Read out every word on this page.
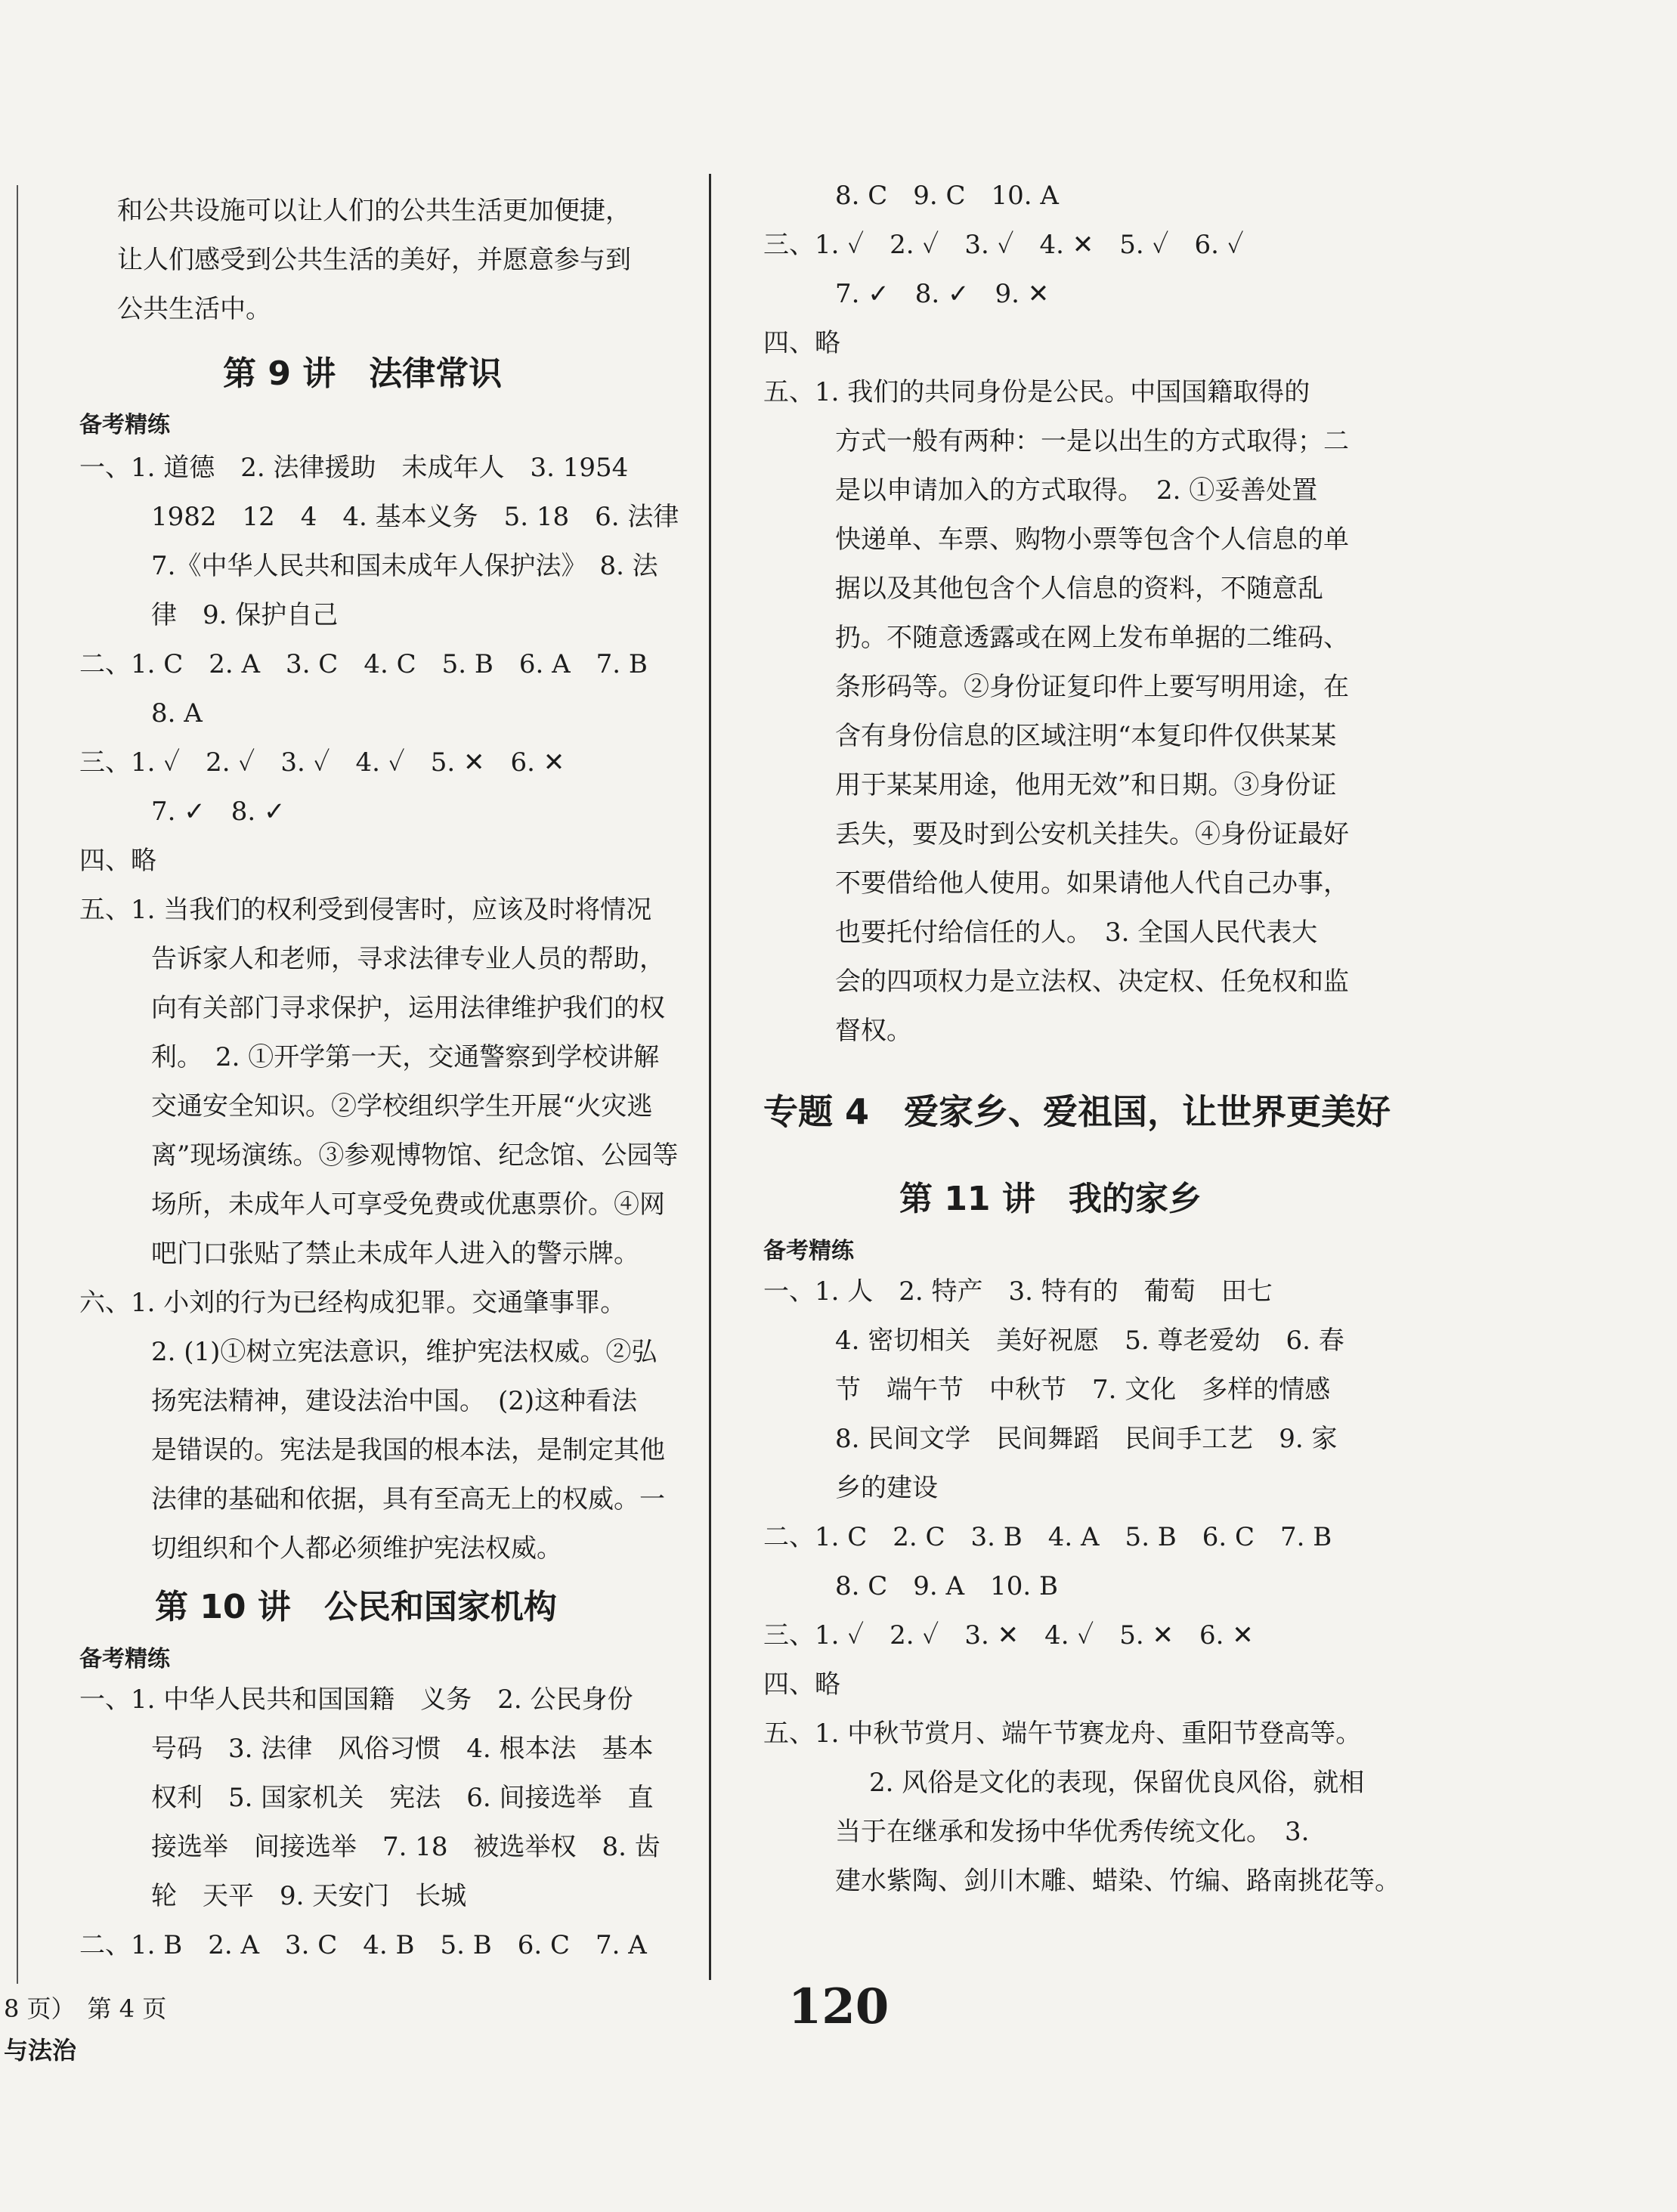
和公共设施可以让人们的公共生活更加便捷，
让人们感受到公共生活的美好，并愿意参与到
公共生活中。
第 9 讲　法律常识
备考精练
一、1. 道德　2. 法律援助　未成年人　3. 1954
1982　12　4　4. 基本义务　5. 18　6. 法律
7.《中华人民共和国未成年人保护法》　8. 法
律　9. 保护自己
二、1. C　2. A　3. C　4. C　5. B　6. A　7. B
8. A
三、1. ✓　2. ✓　3. ✓　4. ✓　5. ✕　6. ✕
7. ✓　8. ✓
四、略
五、1. 当我们的权利受到侵害时，应该及时将情况
告诉家人和老师，寻求法律专业人员的帮助，
向有关部门寻求保护，运用法律维护我们的权
利。　2. ①开学第一天，交通警察到学校讲解
交通安全知识。②学校组织学生开展“火灾逃
离”现场演练。③参观博物馆、纪念馆、公园等
场所，未成年人可享受免费或优惠票价。④网
吧门口张贴了禁止未成年人进入的警示牌。
六、1. 小刘的行为已经构成犯罪。交通肇事罪。
2. (1)①树立宪法意识，维护宪法权威。②弘
扬宪法精神，建设法治中国。　(2)这种看法
是错误的。宪法是我国的根本法，是制定其他
法律的基础和依据，具有至高无上的权威。一
切组织和个人都必须维护宪法权威。
第 10 讲　公民和国家机构
备考精练
一、1. 中华人民共和国国籍　义务　2. 公民身份
号码　3. 法律　风俗习惯　4. 根本法　基本
权利　5. 国家机关　宪法　6. 间接选举　直
接选举　间接选举　7. 18　被选举权　8. 齿
轮　天平　9. 天安门　长城
二、1. B　2. A　3. C　4. B　5. B　6. C　7. A
8. C　9. C　10. A
三、1. ✓　2. ✓　3. ✓　4. ✕　5. ✓　6. ✓
7. ✓　8. ✓　9. ✕
四、略
五、1. 我们的共同身份是公民。中国国籍取得的
方式一般有两种：一是以出生的方式取得；二
是以申请加入的方式取得。　2. ①妥善处置
快递单、车票、购物小票等包含个人信息的单
据以及其他包含个人信息的资料，不随意乱
扔。不随意透露或在网上发布单据的二维码、
条形码等。②身份证复印件上要写明用途，在
含有身份信息的区域注明“本复印件仅供某某
用于某某用途，他用无效”和日期。③身份证
丢失，要及时到公安机关挂失。④身份证最好
不要借给他人使用。如果请他人代自己办事，
也要托付给信任的人。　3. 全国人民代表大
会的四项权力是立法权、决定权、任免权和监
督权。
专题 4　爱家乡、爱祖国，让世界更美好
第 11 讲　我的家乡
备考精练
一、1. 人　2. 特产　3. 特有的　葡萄　田七
4. 密切相关　美好祝愿　5. 尊老爱幼　6. 春
节　端午节　中秋节　7. 文化　多样的情感
8. 民间文学　民间舞蹈　民间手工艺　9. 家
乡的建设
二、1. C　2. C　3. B　4. A　5. B　6. C　7. B
8. C　9. A　10. B
三、1. ✓　2. ✓　3. ✕　4. ✓　5. ✕　6. ✕
四、略
五、1. 中秋节赏月、端午节赛龙舟、重阳节登高等。
2. 风俗是文化的表现，保留优良风俗，就相
当于在继承和发扬中华优秀传统文化。　3.
建水紫陶、剑川木雕、蜡染、竹编、路南挑花等。
8 页）　第 4 页
与法治
120
